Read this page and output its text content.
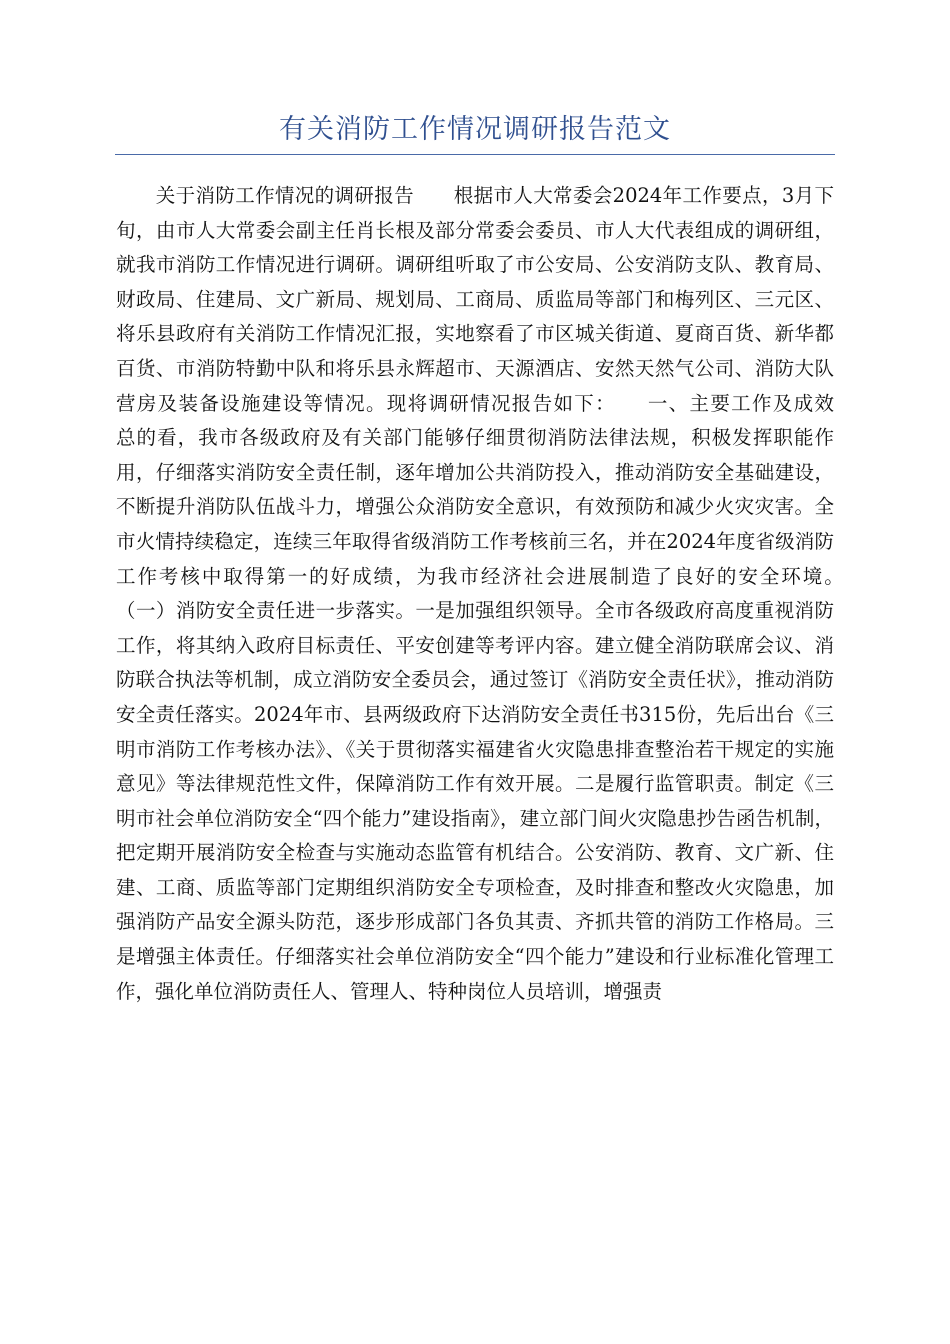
有关消防工作情况调研报告范文
　　关于消防工作情况的调研报告　　根据市人大常委会2024年工作要点，3月下旬，由市人大常委会副主任肖长根及部分常委会委员、市人大代表组成的调研组，就我市消防工作情况进行调研。调研组听取了市公安局、公安消防支队、教育局、财政局、住建局、文广新局、规划局、工商局、质监局等部门和梅列区、三元区、将乐县政府有关消防工作情况汇报，实地察看了市区城关街道、夏商百货、新华都百货、市消防特勤中队和将乐县永辉超市、天源酒店、安然天然气公司、消防大队营房及装备设施建设等情况。现将调研情况报告如下：　　一、主要工作及成效　　总的看，我市各级政府及有关部门能够仔细贯彻消防法律法规，积极发挥职能作用，仔细落实消防安全责任制，逐年增加公共消防投入，推动消防安全基础建设，不断提升消防队伍战斗力，增强公众消防安全意识，有效预防和减少火灾灾害。全市火情持续稳定，连续三年取得省级消防工作考核前三名，并在2024年度省级消防工作考核中取得第一的好成绩，为我市经济社会进展制造了良好的安全环境。　　（一）消防安全责任进一步落实。一是加强组织领导。全市各级政府高度重视消防工作，将其纳入政府目标责任、平安创建等考评内容。建立健全消防联席会议、消防联合执法等机制，成立消防安全委员会，通过签订《消防安全责任状》，推动消防安全责任落实。2024年市、县两级政府下达消防安全责任书315份，先后出台《三明市消防工作考核办法》、《关于贯彻落实福建省火灾隐患排查整治若干规定的实施意见》等法律规范性文件，保障消防工作有效开展。二是履行监管职责。制定《三明市社会单位消防安全“四个能力”建设指南》，建立部门间火灾隐患抄告函告机制，把定期开展消防安全检查与实施动态监管有机结合。公安消防、教育、文广新、住建、工商、质监等部门定期组织消防安全专项检查，及时排查和整改火灾隐患，加强消防产品安全源头防范，逐步形成部门各负其责、齐抓共管的消防工作格局。三是增强主体责任。仔细落实社会单位消防安全“四个能力”建设和行业标准化管理工作，强化单位消防责任人、管理人、特种岗位人员培训，增强责
